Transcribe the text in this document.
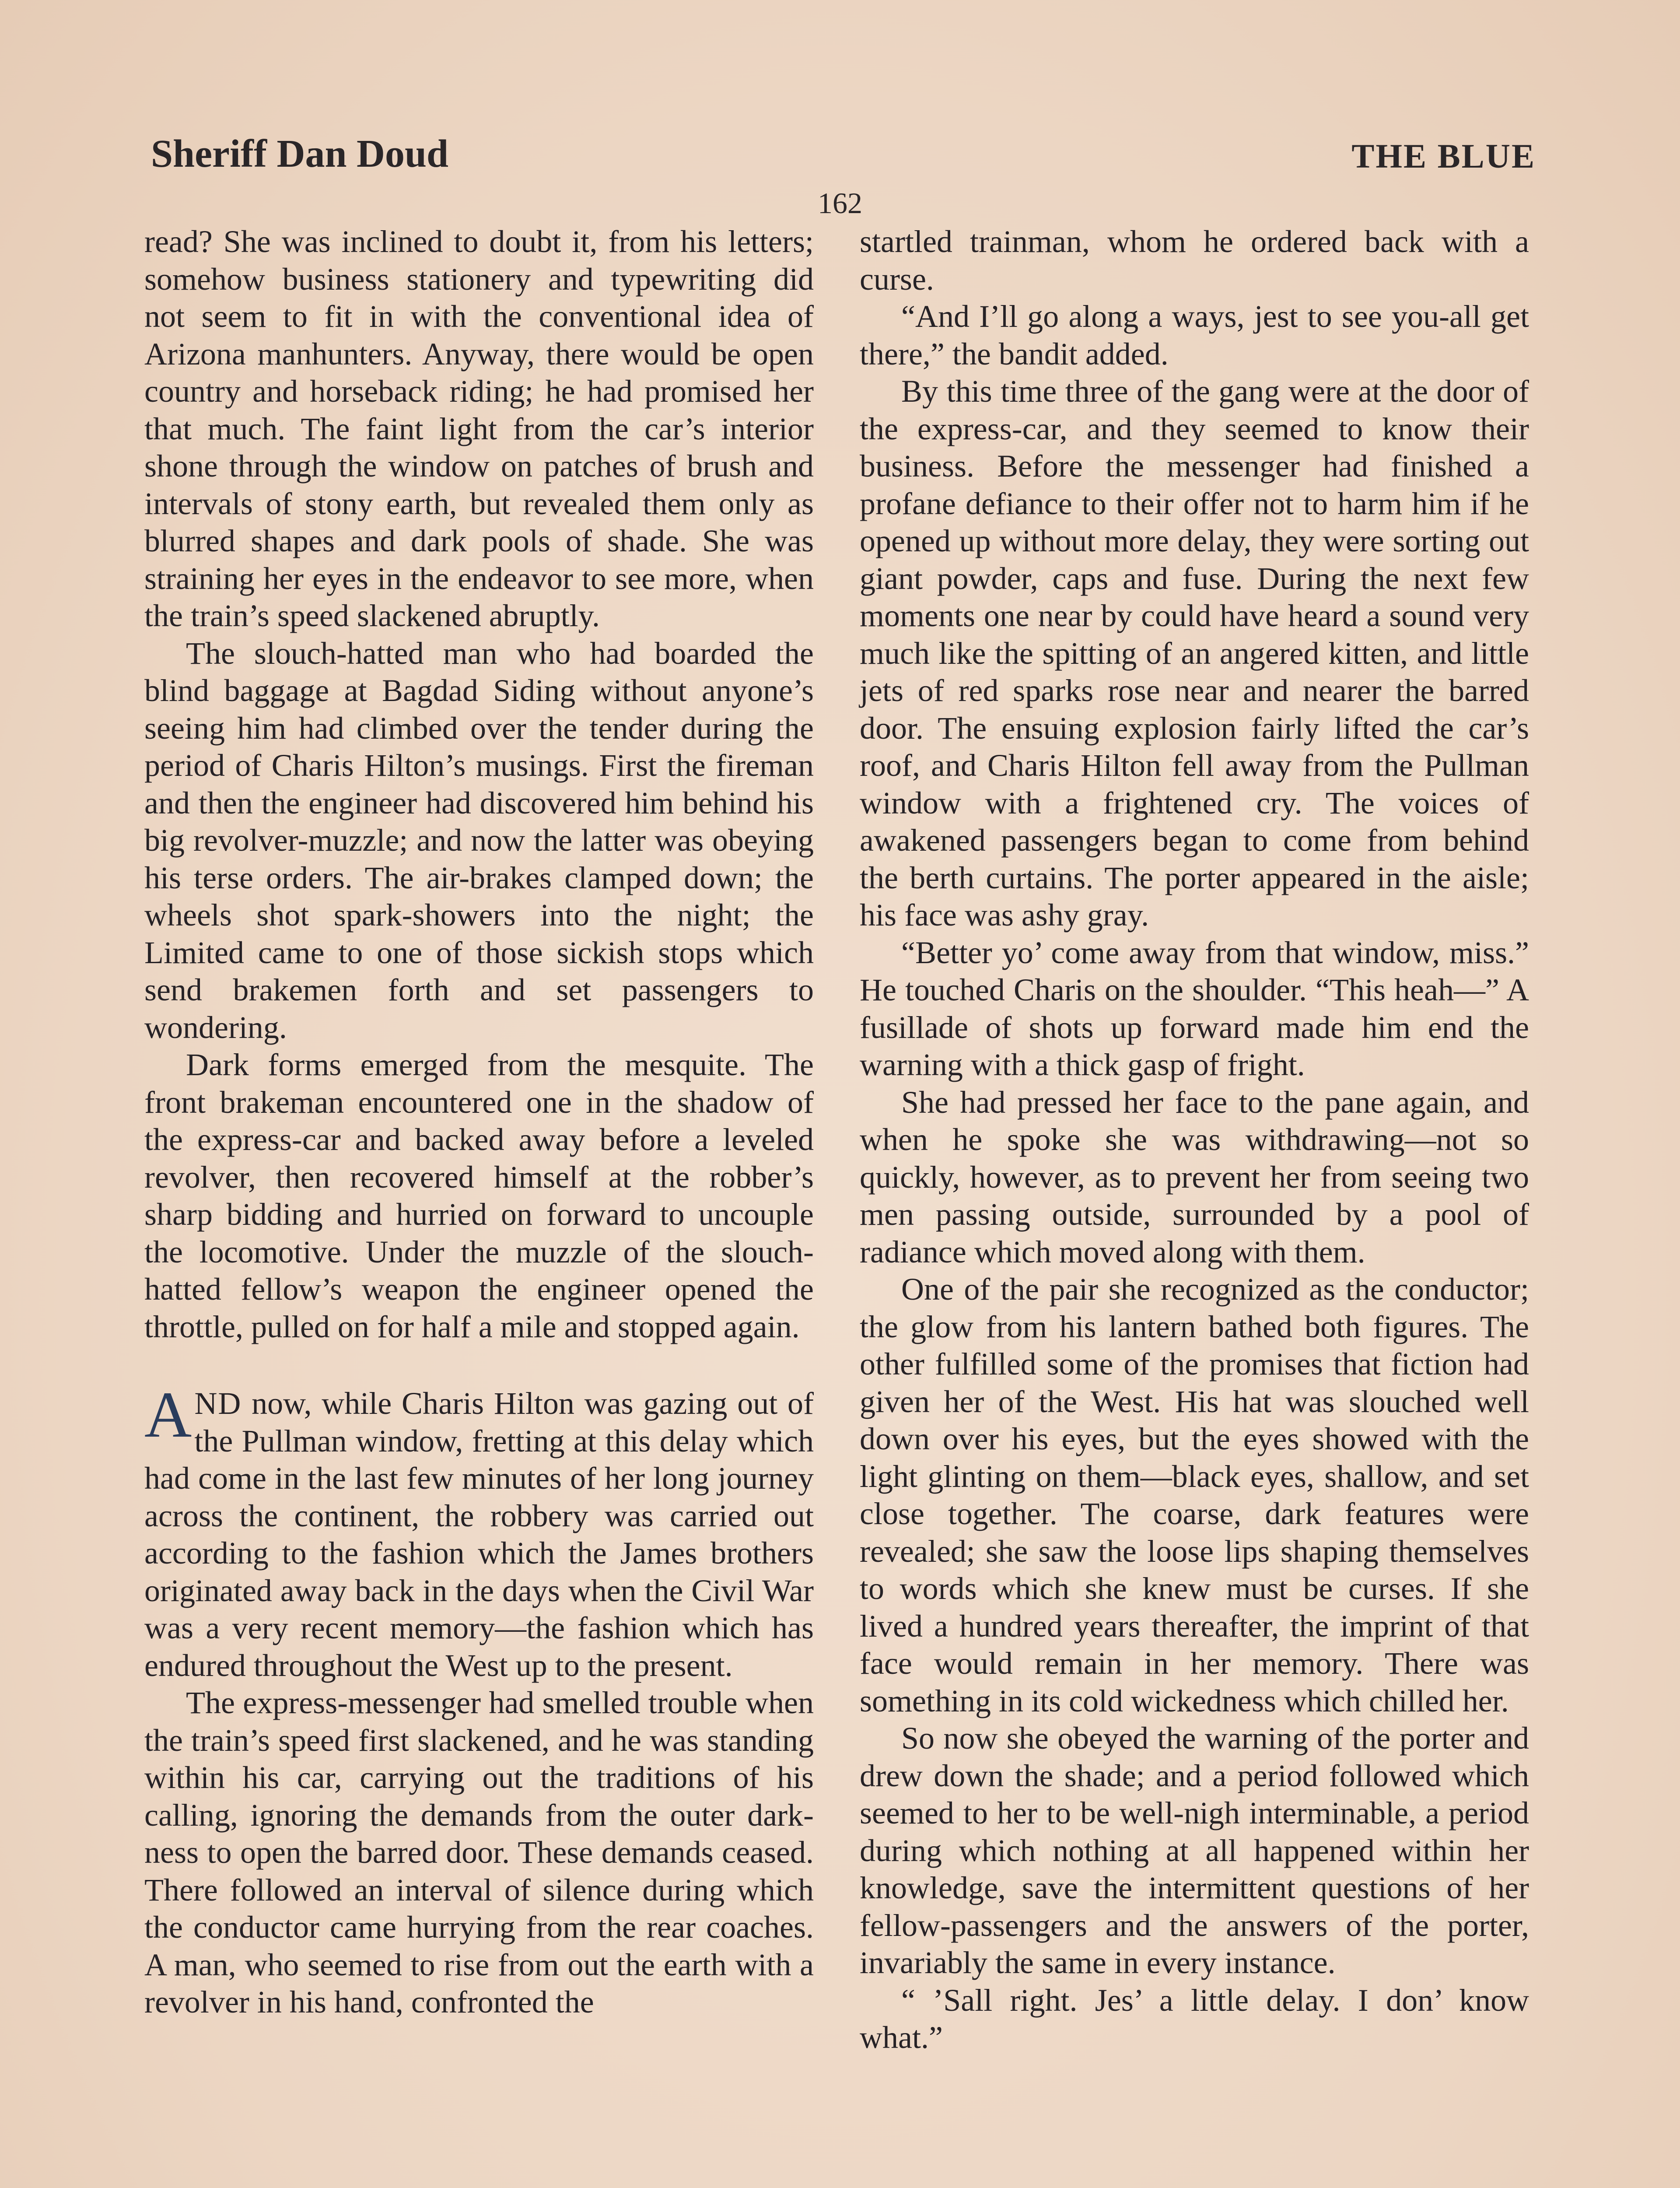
Sheriff Dan Doud	THE BLUE
162

read? She was inclined to doubt it, from his letters; somehow business stationery and typewriting did not seem to fit in with the conventional idea of Arizona manhunters. Anyway, there would be open country and horseback riding; he had promised her that much. The faint light from the car’s interior shone through the window on patches of brush and intervals of stony earth, but revealed them only as blurred shapes and dark pools of shade. She was straining her eyes in the endeavor to see more, when the train’s speed slackened abruptly.

The slouch-hatted man who had boarded the blind baggage at Bagdad Siding without anyone’s seeing him had climbed over the tender during the period of Charis Hilton’s musings. First the fireman and then the engineer had discovered him behind his big revolver-muzzle; and now the latter was obeying his terse orders. The air-brakes clamped down; the wheels shot spark-showers into the night; the Limited came to one of those sickish stops which send brakemen forth and set passengers to wondering.

Dark forms emerged from the mesquite. The front brakeman encountered one in the shadow of the express-car and backed away before a leveled revolver, then recovered himself at the robber’s sharp bidding and hurried on forward to uncouple the locomotive. Under the muzzle of the slouch-hatted fellow’s weapon the engineer opened the throttle, pulled on for half a mile and stopped again.

AND now, while Charis Hilton was gazing out of the Pullman window, fretting at this delay which had come in the last few minutes of her long journey across the continent, the robbery was carried out according to the fashion which the James brothers originated away back in the days when the Civil War was a very recent memory—the fashion which has endured throughout the West up to the present.

The express-messenger had smelled trouble when the train’s speed first slackened, and he was standing within his car, carrying out the traditions of his calling, ignoring the demands from the outer darkness to open the barred door. These demands ceased. There followed an interval of silence during which the conductor came hurrying from the rear coaches. A man, who seemed to rise from out the earth with a revolver in his hand, confronted the

startled trainman, whom he ordered back with a curse.

“And I’ll go along a ways, jest to see you-all get there,” the bandit added.

By this time three of the gang were at the door of the express-car, and they seemed to know their business. Before the messenger had finished a profane defiance to their offer not to harm him if he opened up without more delay, they were sorting out giant powder, caps and fuse. During the next few moments one near by could have heard a sound very much like the spitting of an angered kitten, and little jets of red sparks rose near and nearer the barred door. The ensuing explosion fairly lifted the car’s roof, and Charis Hilton fell away from the Pullman window with a frightened cry. The voices of awakened passengers began to come from behind the berth curtains. The porter appeared in the aisle; his face was ashy gray.

“Better yo’ come away from that window, miss.” He touched Charis on the shoulder. “This heah—” A fusillade of shots up forward made him end the warning with a thick gasp of fright.

She had pressed her face to the pane again, and when he spoke she was withdrawing—not so quickly, however, as to prevent her from seeing two men passing outside, surrounded by a pool of radiance which moved along with them.

One of the pair she recognized as the conductor; the glow from his lantern bathed both figures. The other fulfilled some of the promises that fiction had given her of the West. His hat was slouched well down over his eyes, but the eyes showed with the light glinting on them—black eyes, shallow, and set close together. The coarse, dark features were revealed; she saw the loose lips shaping themselves to words which she knew must be curses. If she lived a hundred years thereafter, the imprint of that face would remain in her memory. There was something in its cold wickedness which chilled her.

So now she obeyed the warning of the porter and drew down the shade; and a period followed which seemed to her to be well-nigh interminable, a period during which nothing at all happened within her knowledge, save the intermittent questions of her fellow-passengers and the answers of the porter, invariably the same in every instance.

“ ’Sall right. Jes’ a little delay. I don’ know what.”
